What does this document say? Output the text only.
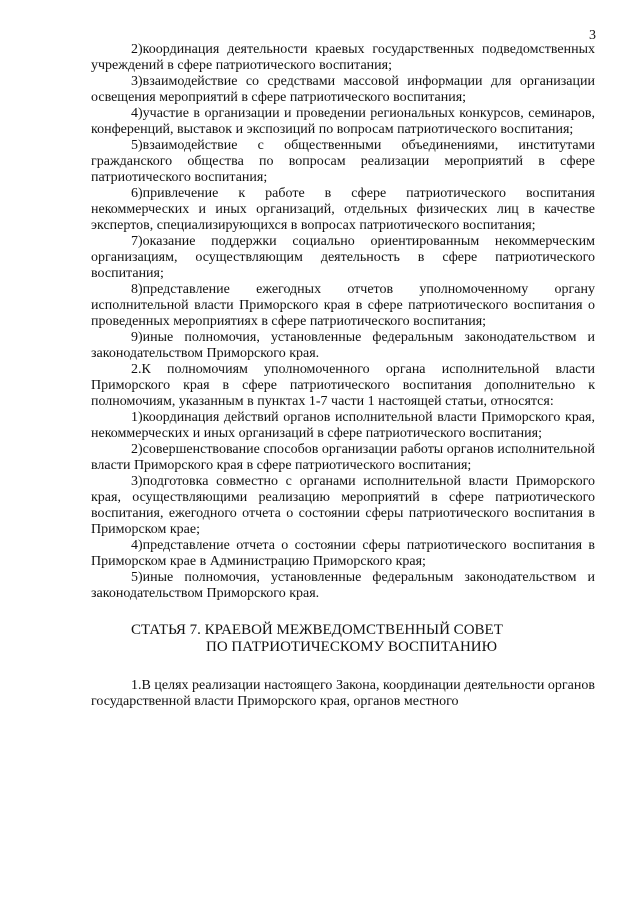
3

2)координация деятельности краевых государственных подведомственных учреждений в сфере патриотического воспитания;

3)взаимодействие со средствами массовой информации для организации освещения мероприятий в сфере патриотического воспитания;

4)участие в организации и проведении региональных конкурсов, семинаров, конференций, выставок и экспозиций по вопросам патриотического воспитания;

5)взаимодействие с общественными объединениями, институтами гражданского общества по вопросам реализации мероприятий в сфере патриотического воспитания;

6)привлечение к работе в сфере патриотического воспитания некоммерческих и иных организаций, отдельных физических лиц в качестве экспертов, специализирующихся в вопросах патриотического воспитания;

7)оказание поддержки социально ориентированным некоммерческим организациям, осуществляющим деятельность в сфере патриотического воспитания;

8)представление ежегодных отчетов уполномоченному органу исполнительной власти Приморского края в сфере патриотического воспитания о проведенных мероприятиях в сфере патриотического воспитания;

9)иные полномочия, установленные федеральным законодательством и законодательством Приморского края.

2.К полномочиям уполномоченного органа исполнительной власти Приморского края в сфере патриотического воспитания дополнительно к полномочиям, указанным в пунктах 1-7 части 1 настоящей статьи, относятся:

1)координация действий органов исполнительной власти Приморского края, некоммерческих и иных организаций в сфере патриотического воспитания;

2)совершенствование способов организации работы органов исполнительной власти Приморского края в сфере патриотического воспитания;

3)подготовка совместно с органами исполнительной власти Приморского края, осуществляющими реализацию мероприятий в сфере патриотического воспитания, ежегодного отчета о состоянии сферы патриотического воспитания в Приморском крае;

4)представление отчета о состоянии сферы патриотического воспитания в Приморском крае в Администрацию Приморского края;

5)иные полномочия, установленные федеральным законодательством и законодательством Приморского края.

СТАТЬЯ 7. КРАЕВОЙ МЕЖВЕДОМСТВЕННЫЙ СОВЕТ
ПО ПАТРИОТИЧЕСКОМУ ВОСПИТАНИЮ

1.В целях реализации настоящего Закона, координации деятельности органов государственной власти Приморского края, органов местного
